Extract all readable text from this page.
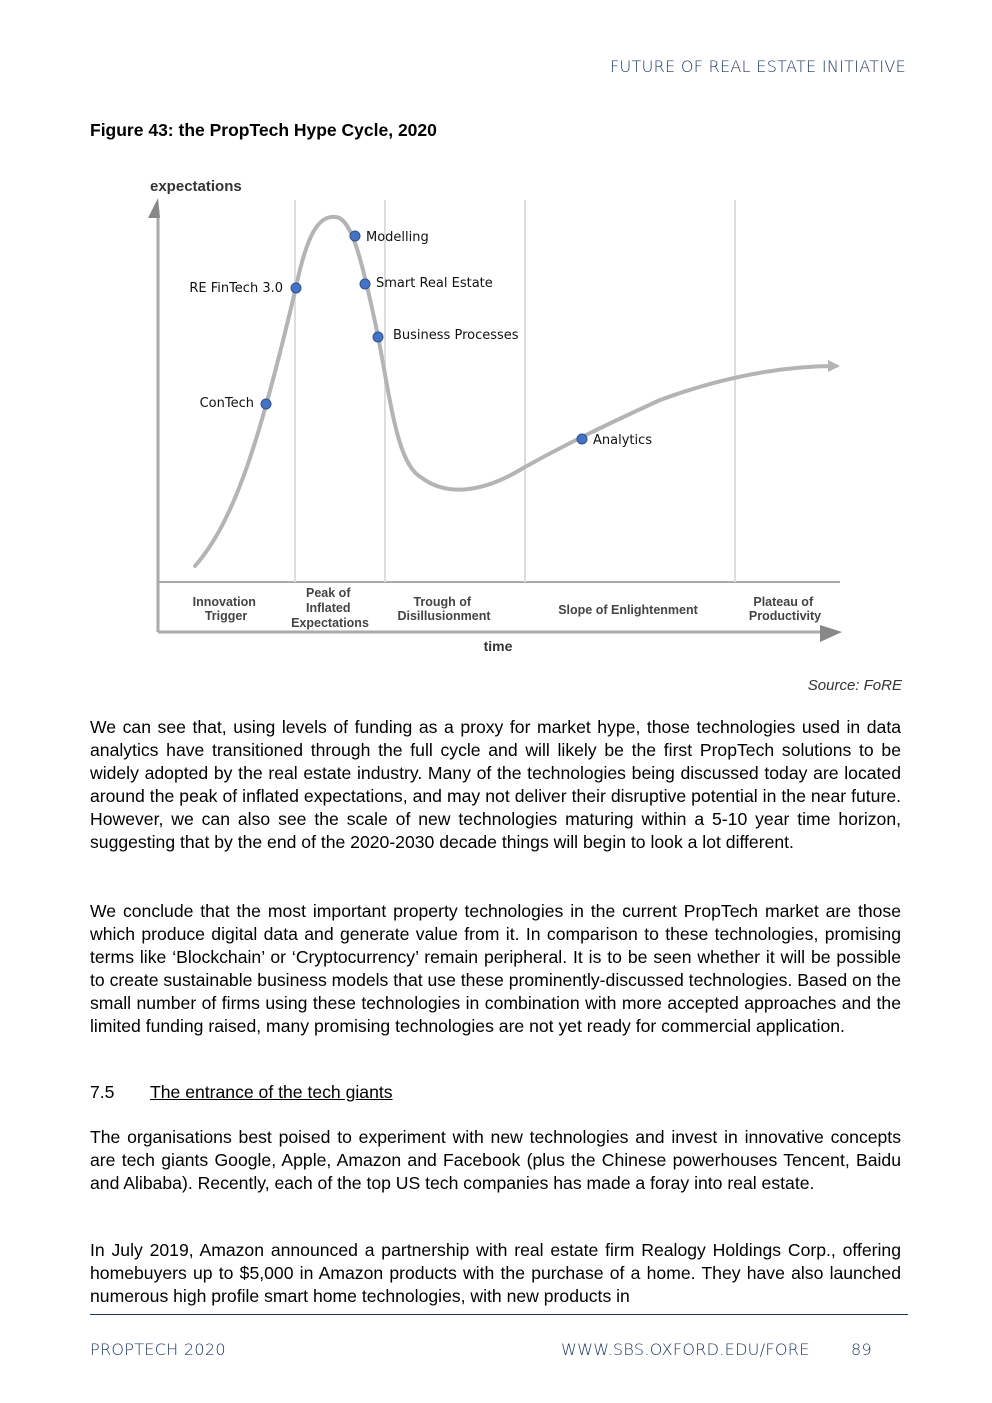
FUTURE OF REAL ESTATE INITIATIVE
Figure 43: the PropTech Hype Cycle, 2020
expectations
Modelling
RE FinTech 3.0	Smart Real Estate
Business Processes
ConTech
Analytics
Innovation Trigger
Peak of Inflated Expectations
Trough of Disillusionment	Slope of Enlightenment
Plateau of Productivity
time
Source: FoRE

We can see that, using levels of funding as a proxy for market hype, those technologies used in data analytics have transitioned through the full cycle and will likely be the first PropTech solutions to be widely adopted by the real estate industry. Many of the technologies being discussed today are located around the peak of inflated expectations, and may not deliver their disruptive potential in the near future. However, we can also see the scale of new technologies maturing within a 5-10 year time horizon, suggesting that by the end of the 2020-2030 decade things will begin to look a lot different.

We conclude that the most important property technologies in the current PropTech market are those which produce digital data and generate value from it. In comparison to these technologies, promising terms like ‘Blockchain’ or ‘Cryptocurrency’ remain peripheral. It is to be seen whether it will be possible to create sustainable business models that use these prominently-discussed technologies. Based on the small number of firms using these technologies in combination with more accepted approaches and the limited funding raised, many promising technologies are not yet ready for commercial application.

7.5 The entrance of the tech giants

The organisations best poised to experiment with new technologies and invest in innovative concepts are tech giants Google, Apple, Amazon and Facebook (plus the Chinese powerhouses Tencent, Baidu and Alibaba). Recently, each of the top US tech companies has made a foray into real estate.

In July 2019, Amazon announced a partnership with real estate firm Realogy Holdings Corp., offering homebuyers up to $5,000 in Amazon products with the purchase of a home. They have also launched numerous high profile smart home technologies, with new products in

PROPTECH 2020	WWW.SBS.OXFORD.EDU/FORE	89
